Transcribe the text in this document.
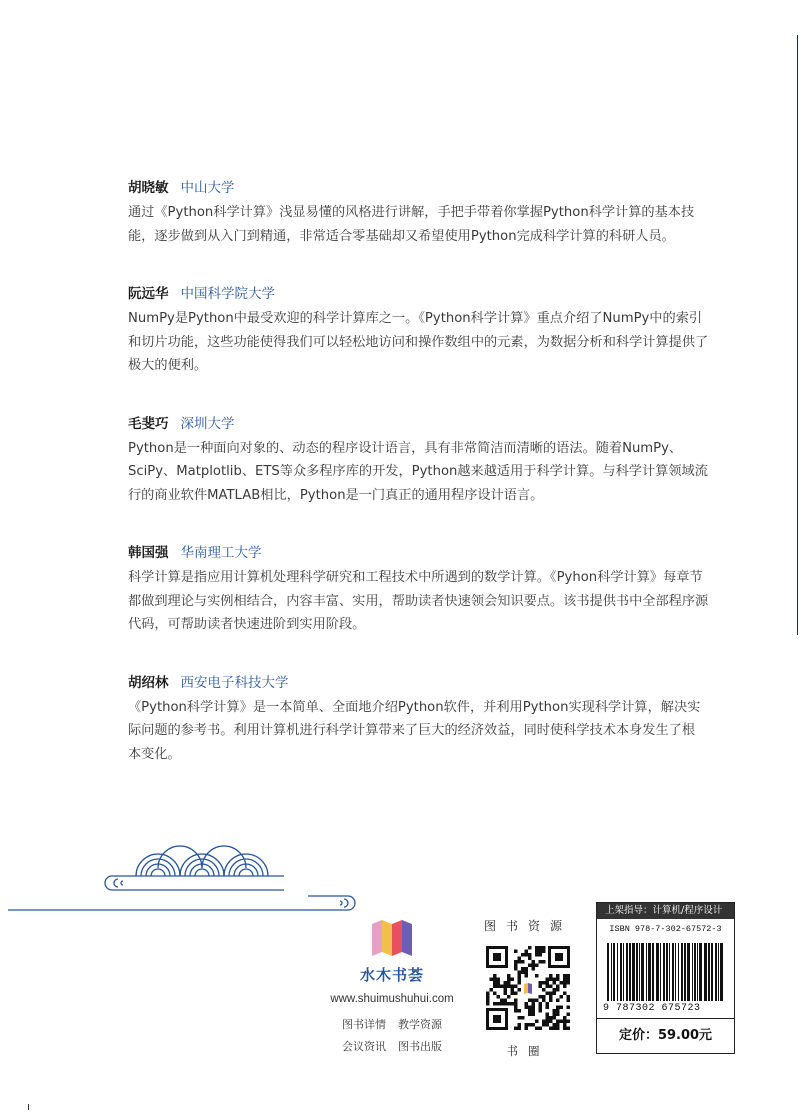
胡晓敏 中山大学
通过《Python科学计算》浅显易懂的风格进行讲解，手把手带着你掌握Python科学计算的基本技
能，逐步做到从入门到精通，非常适合零基础却又希望使用Python完成科学计算的科研人员。
阮远华 中国科学院大学
NumPy是Python中最受欢迎的科学计算库之一。《Python科学计算》重点介绍了NumPy中的索引
和切片功能，这些功能使得我们可以轻松地访问和操作数组中的元素，为数据分析和科学计算提供了
极大的便利。
毛斐巧 深圳大学
Python是一种面向对象的、动态的程序设计语言，具有非常简洁而清晰的语法。随着NumPy、
SciPy、Matplotlib、ETS等众多程序库的开发，Python越来越适用于科学计算。与科学计算领域流
行的商业软件MATLAB相比，Python是一门真正的通用程序设计语言。
韩国强 华南理工大学
科学计算是指应用计算机处理科学研究和工程技术中所遇到的数学计算。《Pyhon科学计算》每章节
都做到理论与实例相结合，内容丰富、实用，帮助读者快速领会知识要点。该书提供书中全部程序源
代码，可帮助读者快速进阶到实用阶段。
胡绍林 西安电子科技大学
《Python科学计算》是一本简单、全面地介绍Python软件，并利用Python实现科学计算，解决实
际问题的参考书。利用计算机进行科学计算带来了巨大的经济效益，同时使科学技术本身发生了根
本变化。
水木书荟
www.shuimushuhui.com
图书详情 教学资源
会议资讯 图书出版
图书资源
书圈
上架指导：计算机/程序设计
ISBN 978-7-302-67572-3
9 787302 675723
定价：59.00元
